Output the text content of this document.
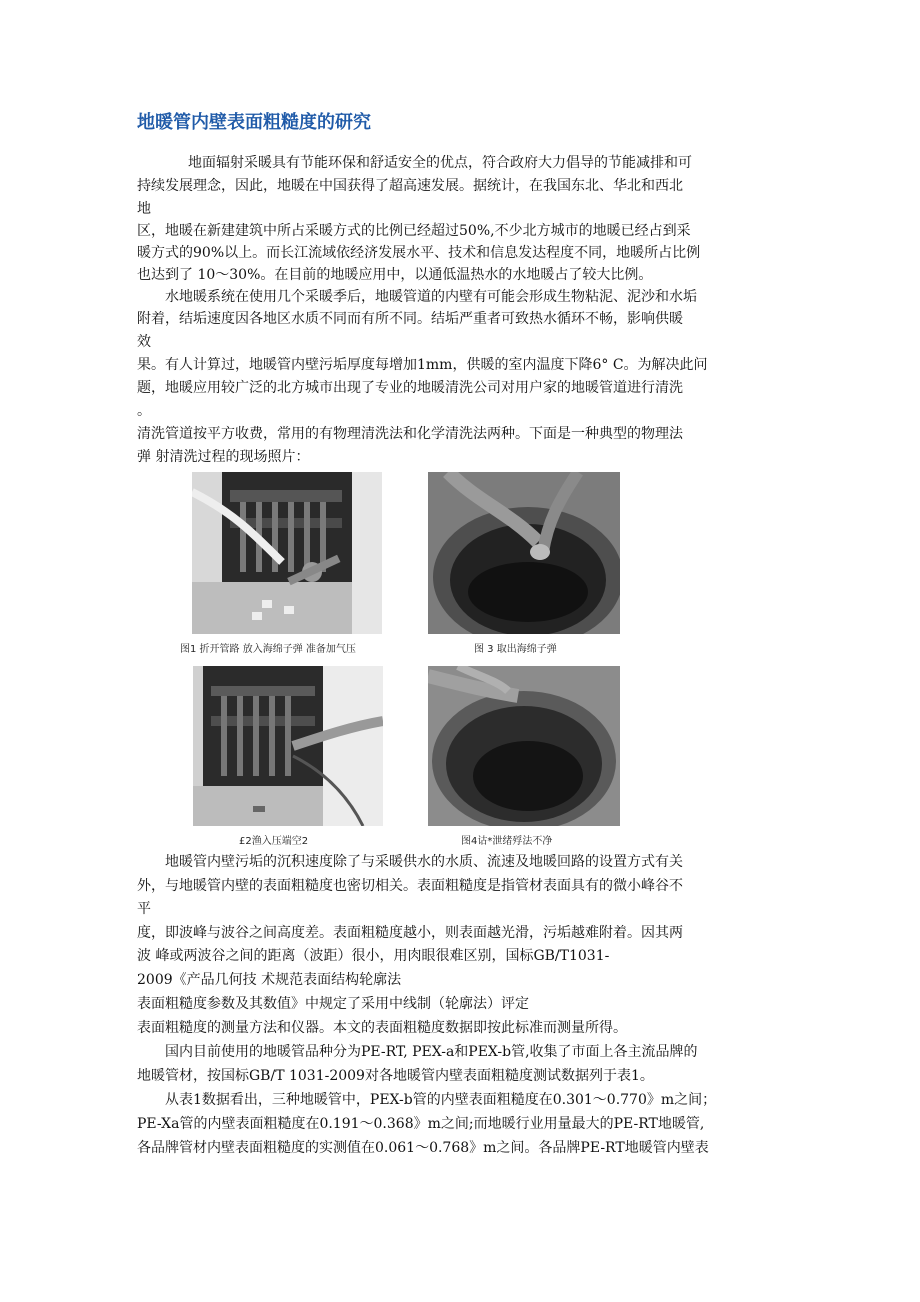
地暖管内壁表面粗糙度的研究
地面辐射采暖具有节能环保和舒适安全的优点，符合政府大力倡导的节能减排和可
持续发展理念，因此，地暖在中国获得了超高速发展。据统计，在我国东北、华北和西北
地
区，地暖在新建建筑中所占采暖方式的比例已经超过50%,不少北方城市的地暖已经占到采
暖方式的90%以上。而长江流域依经济发展水平、技术和信息发达程度不同，地暖所占比例
也达到了 10〜30%。在目前的地暖应用中，以通低温热水的水地暖占了较大比例。
水地暖系统在使用几个采暖季后，地暖管道的内壁有可能会形成生物粘泥、泥沙和水垢
附着，结垢速度因各地区水质不同而有所不同。结垢严重者可致热水循环不畅，影响供暖
效
果。有人计算过，地暖管内壁污垢厚度每增加1mm，供暖的室内温度下降6° C。为解决此问
题，地暖应用较广泛的北方城市出现了专业的地暖清洗公司对用户家的地暖管道进行清洗
。
清洗管道按平方收费，常用的有物理清洗法和化学清洗法两种。下面是一种典型的物理法
弹 射清洗过程的现场照片：
图1 折开管路 放入海绵子弹 准备加气压	图 3 取出海绵子弹
£2渔入压端空2	图4诂*泄绪殍法不净
地暖管内壁污垢的沉积速度除了与采暖供水的水质、流速及地暖回路的设置方式有关
外，与地暖管内壁的表面粗糙度也密切相关。表面粗糙度是指管材表面具有的微小峰谷不
平
度，即波峰与波谷之间高度差。表面粗糙度越小，则表面越光滑，污垢越难附着。因其两
波 峰或两波谷之间的距离（波距）很小，用肉眼很难区别，国标GB/T1031-
2009《产品几何技 术规范表面结构轮廓法
表面粗糙度参数及其数值》中规定了采用中线制（轮廓法）评定
表面粗糙度的测量方法和仪器。本文的表面粗糙度数据即按此标准而测量所得。
国内目前使用的地暖管品种分为PE-RT, PEX-a和PEX-b管,收集了市面上各主流品牌的
地暖管材，按国标GB/T 1031-2009对各地暖管内壁表面粗糙度测试数据列于表1。
从表1数据看出，三种地暖管中，PEX-b管的内壁表面粗糙度在0.301〜0.770》m之间；
PE-Xa管的内壁表面粗糙度在0.191〜0.368》m之间;而地暖行业用量最大的PE-RT地暖管,
各品牌管材内壁表面粗糙度的实测值在0.061〜0.768》m之间。各品牌PE-RT地暖管内壁表
